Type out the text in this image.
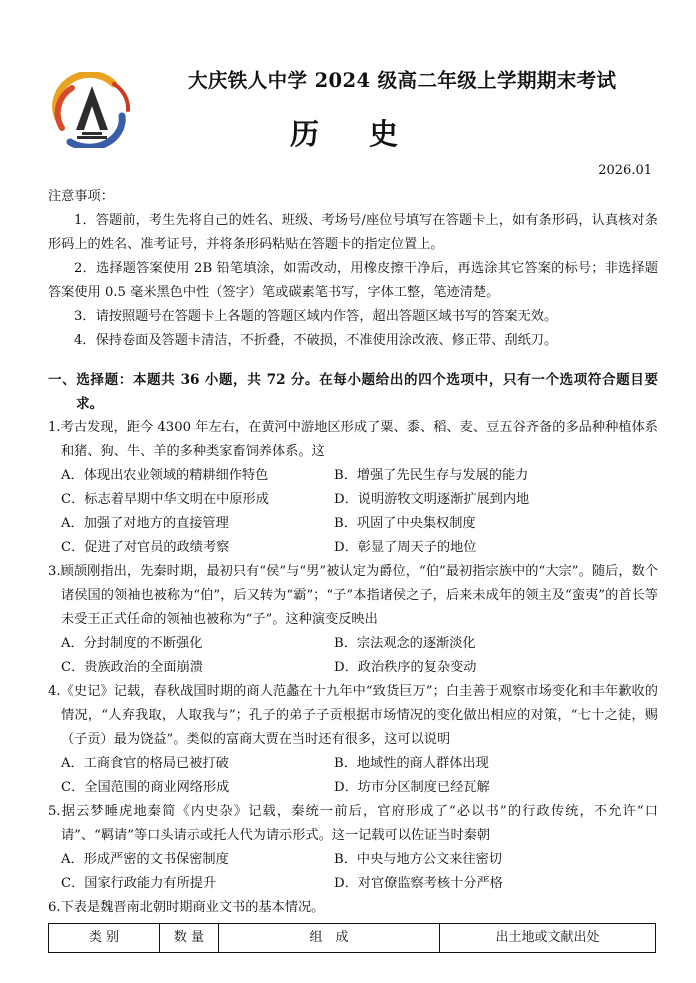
大庆铁人中学 2024 级高二年级上学期期末考试
历 史
2026.01

注意事项：

1．答题前，考生先将自己的姓名、班级、考场号/座位号填写在答题卡上，如有条形码，认真核对条形码上的姓名、准考证号，并将条形码粘贴在答题卡的指定位置上。

2．选择题答案使用 2B 铅笔填涂，如需改动，用橡皮擦干净后，再选涂其它答案的标号；非选择题答案使用 0.5 毫米黑色中性（签字）笔或碳素笔书写，字体工整，笔迹清楚。

3．请按照题号在答题卡上各题的答题区域内作答，超出答题区域书写的答案无效。

4．保持卷面及答题卡清洁，不折叠，不破损，不准使用涂改液、修正带、刮纸刀。

一、选择题：本题共 36 小题，共 72 分。在每小题给出的四个选项中，只有一个选项符合题目要求。

1.考古发现，距今 4300 年左右，在黄河中游地区形成了粟、黍、稻、麦、豆五谷齐备的多品种种植体系和猪、狗、牛、羊的多种类家畜饲养体系。这

A．体现出农业领域的精耕细作特色	B．增强了先民生存与发展的能力
C．标志着早期中华文明在中原形成	D．说明游牧文明逐渐扩展到内地
A．加强了对地方的直接管理	B．巩固了中央集权制度
C．促进了对官员的政绩考察	D．彰显了周天子的地位

3.顾颉刚指出，先秦时期，最初只有“侯”与“男”被认定为爵位，“伯”最初指宗族中的“大宗”。随后，数个诸侯国的领袖也被称为“伯”，后又转为“霸”；“子”本指诸侯之子，后来未成年的领主及“蛮夷”的首长等未受王正式任命的领袖也被称为“子”。这种演变反映出

A．分封制度的不断强化	B．宗法观念的逐渐淡化
C．贵族政治的全面崩溃	D．政治秩序的复杂变动

4.《史记》记载，春秋战国时期的商人范蠡在十九年中“致货巨万”；白圭善于观察市场变化和丰年歉收的情况，“人弃我取，人取我与”；孔子的弟子子贡根据市场情况的变化做出相应的对策，“七十之徒，赐（子贡）最为饶益”。类似的富商大贾在当时还有很多，这可以说明

A．工商食官的格局已被打破	B．地域性的商人群体出现
C．全国范围的商业网络形成	D．坊市分区制度已经瓦解

5.据云梦睡虎地秦简《内史杂》记载，秦统一前后，官府形成了“必以书”的行政传统，不允许“口请”、“羁请”等口头请示或托人代为请示形式。这一记载可以佐证当时秦朝

A．形成严密的文书保密制度	B．中央与地方公文来往密切
C．国家行政能力有所提升	D．对官僚监察考核十分严格

6.下表是魏晋南北朝时期商业文书的基本情况。

类 别	数 量	组　成	出土地或文献出处
